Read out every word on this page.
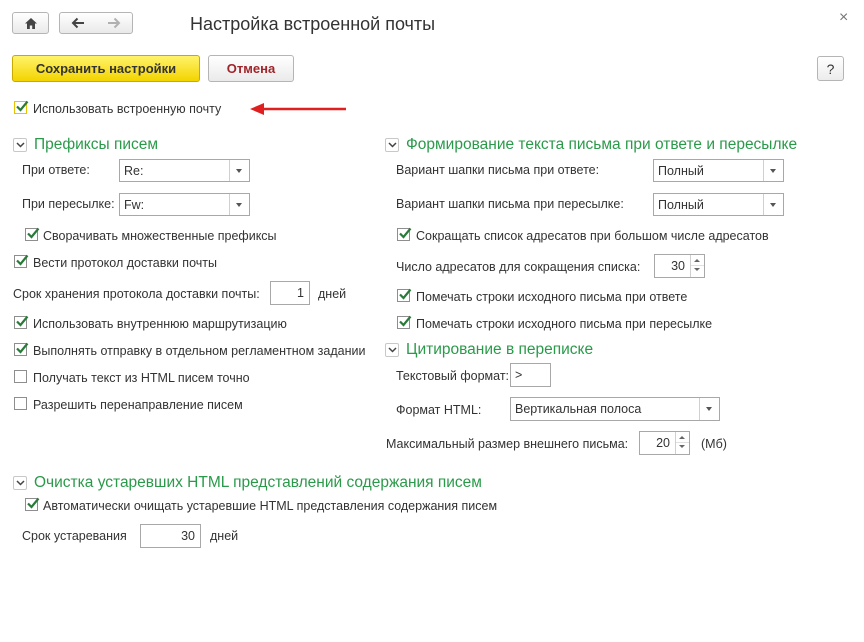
Настройка встроенной почты	×
Сохранить настройки	Отмена	?
Использовать встроенную почту
Префиксы писем
При ответе:	Re:
При пересылке: Fw:
Сворачивать множественные префиксы
Вести протокол доставки почты
Срок хранения протокола доставки почты:	1	дней
Использовать внутреннюю маршрутизацию
Выполнять отправку в отдельном регламентном задании
Получать текст из HTML писем точно
Разрешить перенаправление писем
Формирование текста письма при ответе и пересылке
Вариант шапки письма при ответе:	Полный
Вариант шапки письма при пересылке:	Полный
Сокращать список адресатов при большом числе адресатов
Число адресатов для сокращения списка:	30
Помечать строки исходного письма при ответе
Помечать строки исходного письма при пересылке
Цитирование в переписке
Текстовый формат: >
Формат HTML:	Вертикальная полоса
Максимальный размер внешнего письма:	20	(Мб)
Очистка устаревших HTML представлений содержания писем
Автоматически очищать устаревшие HTML представления содержания писем
Срок устаревания	30	дней
